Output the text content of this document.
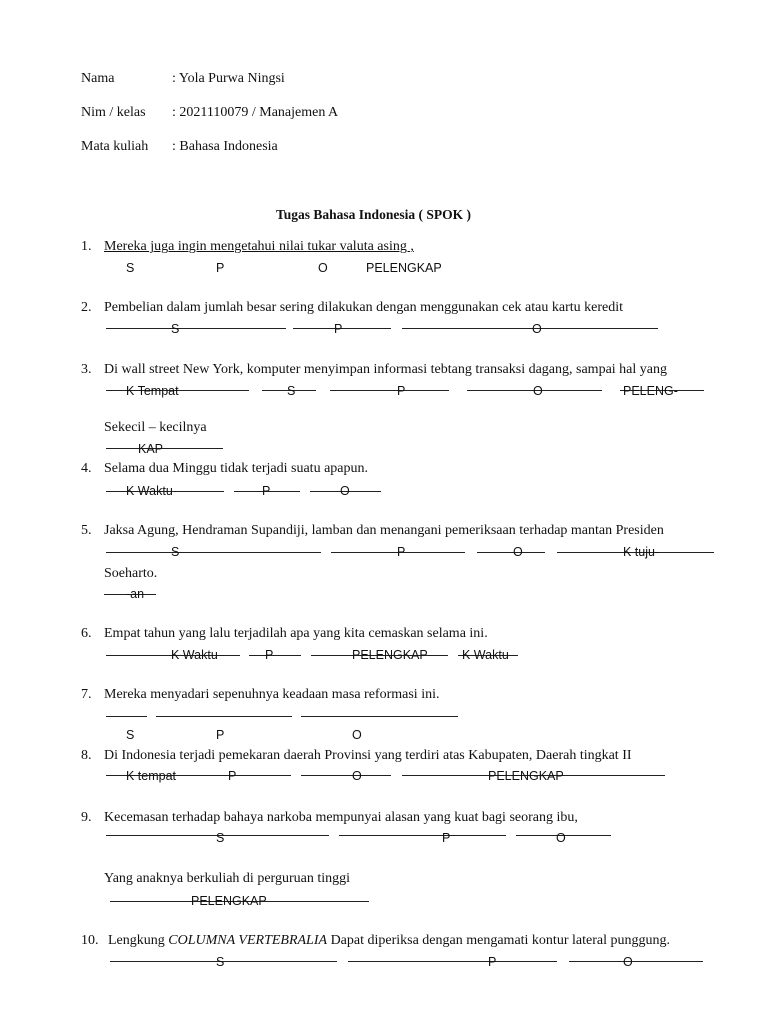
Nama	: Yola Purwa Ningsi
Nim / kelas : 2021110079 / Manajemen A
Mata kuliah : Bahasa Indonesia
Tugas Bahasa Indonesia ( SPOK )
1. Mereka juga ingin mengetahui nilai tukar valuta asing ,
S	P	O	PELENGKAP
2. Pembelian dalam jumlah besar sering dilakukan dengan menggunakan cek atau kartu keredit
S	P	O
3. Di wall street New York, komputer menyimpan informasi tebtang transaksi dagang, sampai hal yang
K Tempat	S	P	O	PELENG-
Sekecil – kecilnya
KAP
4. Selama dua Minggu tidak terjadi suatu apapun.
K Waktu	P	O
5. Jaksa Agung, Hendraman Supandiji, lamban dan menangani pemeriksaan terhadap mantan Presiden
S	P	O	K tuju-
Soeharto.
-an
6. Empat tahun yang lalu terjadilah apa yang kita cemaskan selama ini.
K Waktu	P	PELENGKAP	K Waktu
7. Mereka menyadari sepenuhnya keadaan masa reformasi ini.
S	P	O
8. Di Indonesia terjadi pemekaran daerah Provinsi yang terdiri atas Kabupaten, Daerah tingkat II
K tempat	P	O	PELENGKAP
9. Kecemasan terhadap bahaya narkoba mempunyai alasan yang kuat bagi seorang ibu,
S	P	O
Yang anaknya berkuliah di perguruan tinggi
PELENGKAP
10. Lengkung COLUMNA VERTEBRALIA Dapat diperiksa dengan mengamati kontur lateral punggung.
S	P	O
